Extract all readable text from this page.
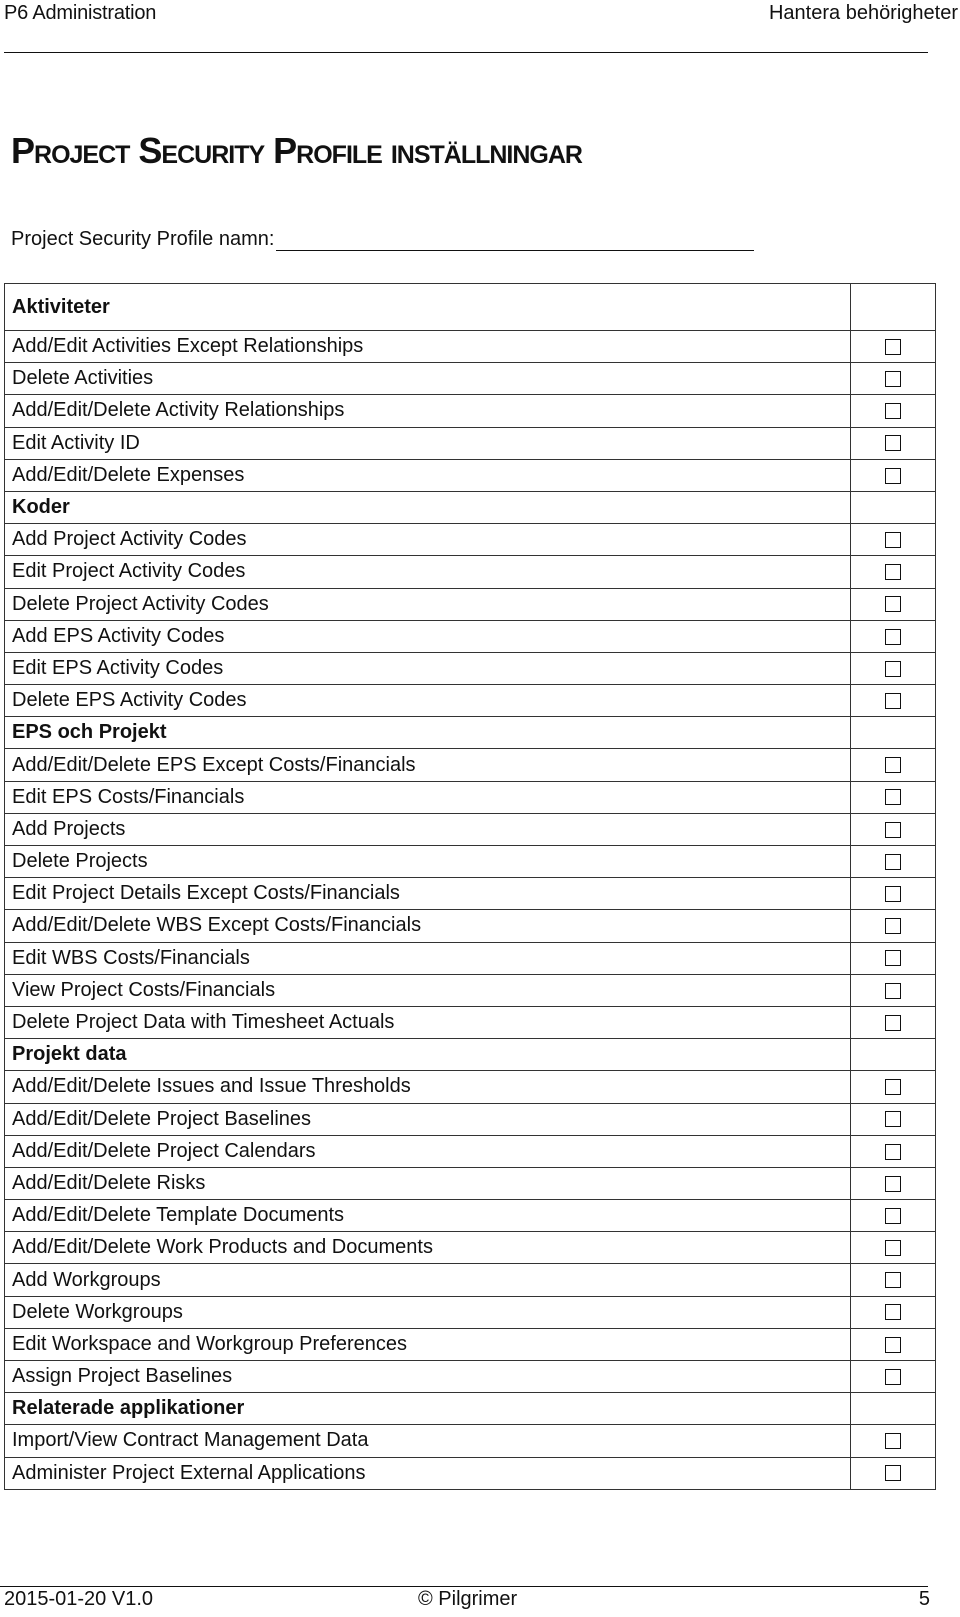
P6 Administration	Hantera behörigheter
Project Security Profile inställningar
Project Security Profile namn:
Aktiviteter	
Add/Edit Activities Except Relationships	
Delete Activities	
Add/Edit/Delete Activity Relationships	
Edit Activity ID	
Add/Edit/Delete Expenses	
Koder	
Add Project Activity Codes	
Edit Project Activity Codes	
Delete Project Activity Codes	
Add EPS Activity Codes	
Edit EPS Activity Codes	
Delete EPS Activity Codes	
EPS och Projekt	
Add/Edit/Delete EPS Except Costs/Financials	
Edit EPS Costs/Financials	
Add Projects	
Delete Projects	
Edit Project Details Except Costs/Financials	
Add/Edit/Delete WBS Except Costs/Financials	
Edit WBS Costs/Financials	
View Project Costs/Financials	
Delete Project Data with Timesheet Actuals	
Projekt data	
Add/Edit/Delete Issues and Issue Thresholds	
Add/Edit/Delete Project Baselines	
Add/Edit/Delete Project Calendars	
Add/Edit/Delete Risks	
Add/Edit/Delete Template Documents	
Add/Edit/Delete Work Products and Documents	
Add Workgroups	
Delete Workgroups	
Edit Workspace and Workgroup Preferences	
Assign Project Baselines	
Relaterade applikationer	
Import/View Contract Management Data	
Administer Project External Applications	
2015-01-20 V1.0	© Pilgrimer	5
